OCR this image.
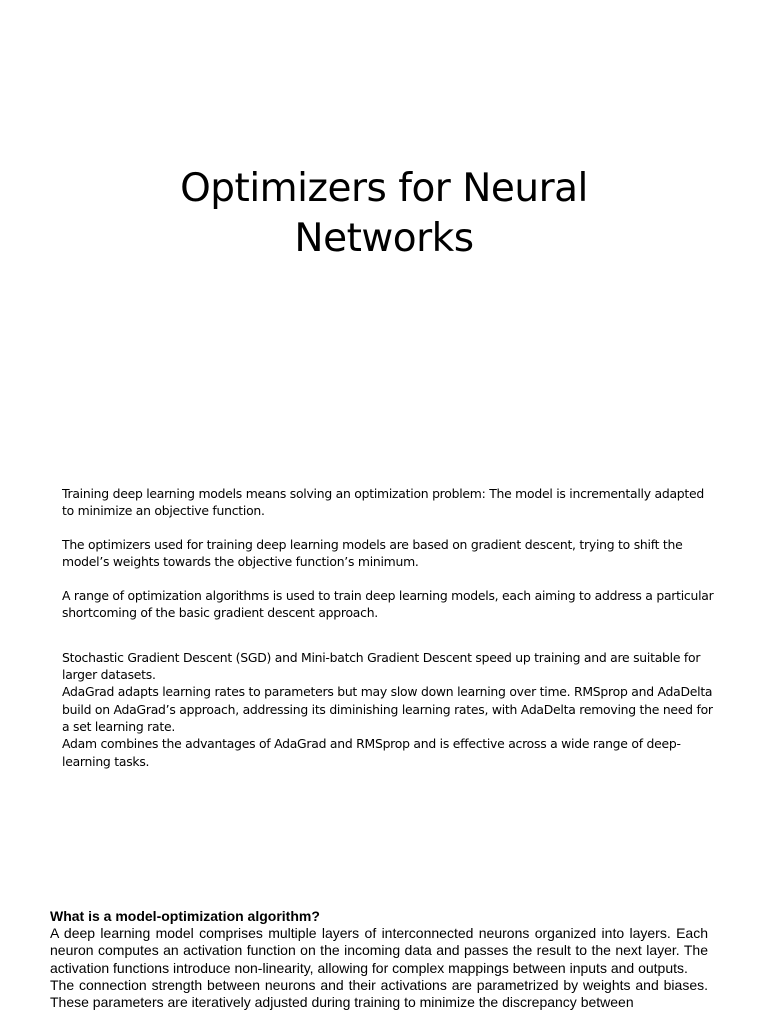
Optimizers for Neural
Networks

Training deep learning models means solving an optimization problem: The model is incrementally adapted to minimize an objective function.

The optimizers used for training deep learning models are based on gradient descent, trying to shift the model’s weights towards the objective function’s minimum.

A range of optimization algorithms is used to train deep learning models, each aiming to address a particular shortcoming of the basic gradient descent approach.

Stochastic Gradient Descent (SGD) and Mini-batch Gradient Descent speed up training and are suitable for larger datasets.
AdaGrad adapts learning rates to parameters but may slow down learning over time. RMSprop and AdaDelta build on AdaGrad’s approach, addressing its diminishing learning rates, with AdaDelta removing the need for a set learning rate.
Adam combines the advantages of AdaGrad and RMSprop and is effective across a wide range of deep-learning tasks.

What is a model-optimization algorithm?

A deep learning model comprises multiple layers of interconnected neurons organized into layers. Each neuron computes an activation function on the incoming data and passes the result to the next layer. The activation functions introduce non-linearity, allowing for complex mappings between inputs and outputs.

The connection strength between neurons and their activations are parametrized by weights and biases. These parameters are iteratively adjusted during training to minimize the discrepancy between
